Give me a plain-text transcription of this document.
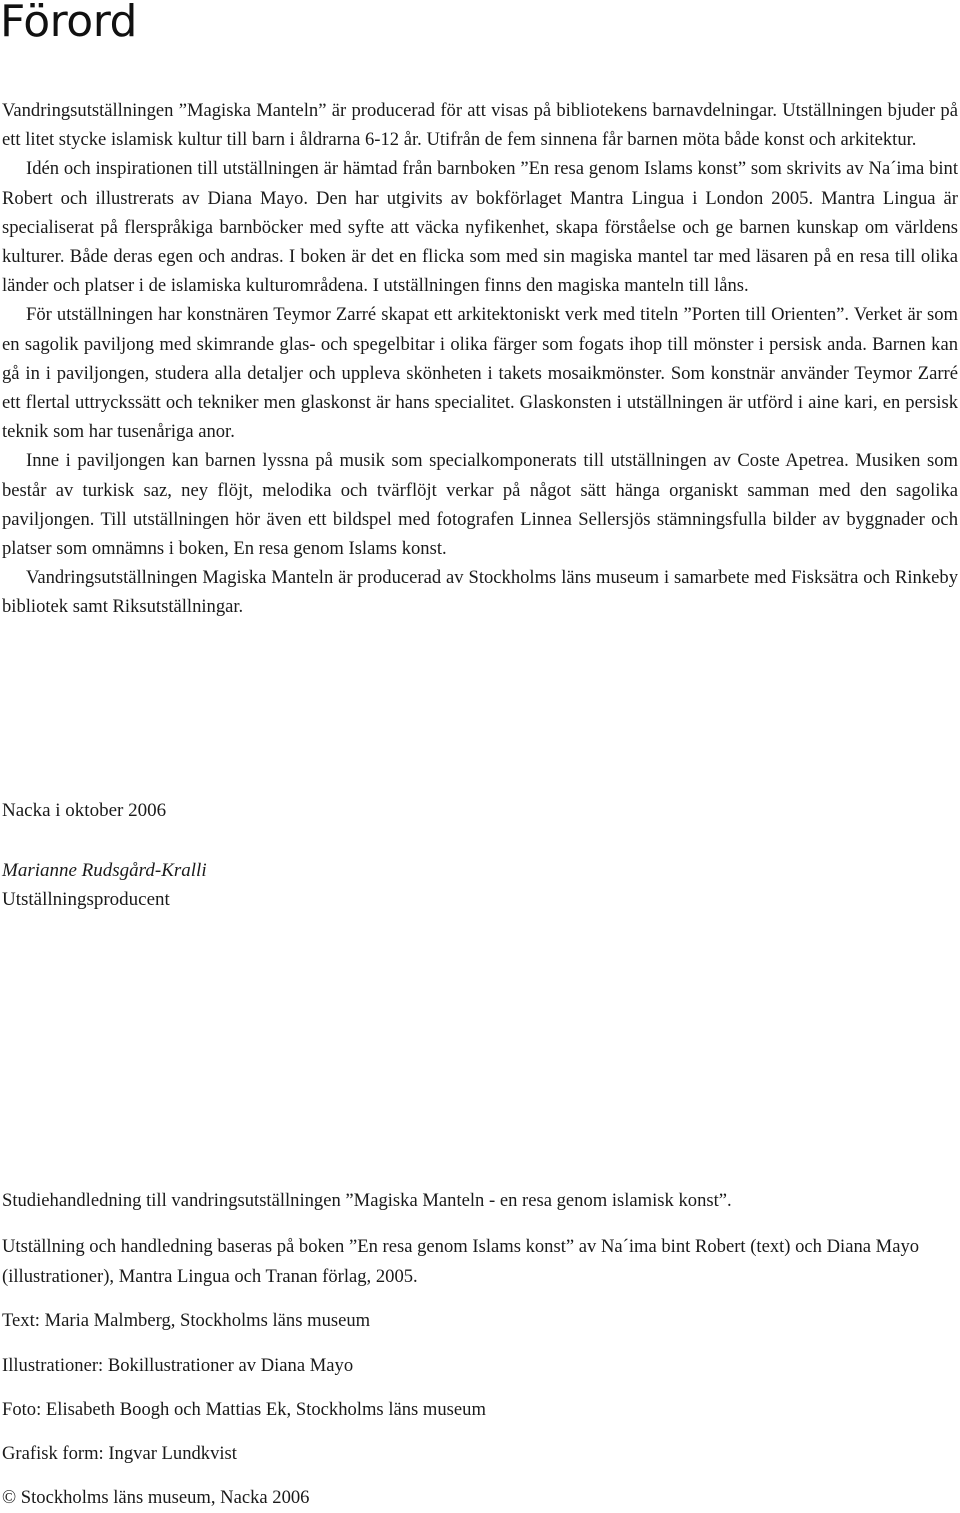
Förord

Vandringsutställningen ”Magiska Manteln” är producerad för att visas på bibliotekens barnavdelningar. Utställningen bjuder på ett litet stycke islamisk kultur till barn i åldrarna 6-12 år. Utifrån de fem sinnena får barnen möta både konst och arkitektur.

Idén och inspirationen till utställningen är hämtad från barnboken ”En resa genom Islams konst” som skrivits av Na´ima bint Robert och illustrerats av Diana Mayo. Den har utgivits av bokförlaget Mantra Lingua i London 2005. Mantra Lingua är specialiserat på flerspråkiga barnböcker med syfte att väcka nyfikenhet, skapa förståelse och ge barnen kunskap om världens kulturer. Både deras egen och andras. I boken är det en flicka som med sin magiska mantel tar med läsaren på en resa till olika länder och platser i de islamiska kulturområdena. I utställningen finns den magiska manteln till låns.

För utställningen har konstnären Teymor Zarré skapat ett arkitektoniskt verk med titeln ”Porten till Orienten”. Verket är som en sagolik paviljong med skimrande glas- och spegelbitar i olika färger som fogats ihop till mönster i persisk anda. Barnen kan gå in i paviljongen, studera alla detaljer och uppleva skönheten i takets mosaikmönster. Som konstnär använder Teymor Zarré ett flertal uttryckssätt och tekniker men glaskonst är hans specialitet. Glaskonsten i utställningen är utförd i aine kari, en persisk teknik som har tusenåriga anor.

Inne i paviljongen kan barnen lyssna på musik som specialkomponerats till utställningen av Coste Apetrea. Musiken som består av turkisk saz, ney flöjt, melodika och tvärflöjt verkar på något sätt hänga organiskt samman med den sagolika paviljongen. Till utställningen hör även ett bildspel med fotografen Linnea Sellersjös stämningsfulla bilder av byggnader och platser som omnämns i boken, En resa genom Islams konst.

Vandringsutställningen Magiska Manteln är producerad av Stockholms läns museum i samarbete med Fisksätra och Rinkeby bibliotek samt Riksutställningar.

Nacka i oktober 2006

Marianne Rudsgård-Kralli

Utställningsproducent

Studiehandledning till vandringsutställningen ”Magiska Manteln - en resa genom islamisk konst”.

Utställning och handledning baseras på boken ”En resa genom Islams konst” av Na´ima bint Robert (text) och Diana Mayo (illustrationer), Mantra Lingua och Tranan förlag, 2005.

Text: Maria Malmberg, Stockholms läns museum

Illustrationer: Bokillustrationer av Diana Mayo

Foto: Elisabeth Boogh och Mattias Ek, Stockholms läns museum

Grafisk form: Ingvar Lundkvist

© Stockholms läns museum, Nacka 2006
